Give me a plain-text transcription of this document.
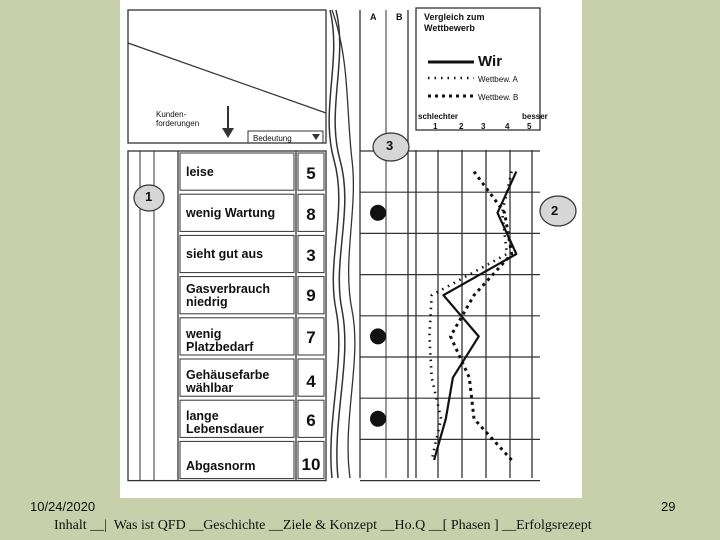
A B Vergleich zum
Wettbewerb
Wir
Wettbew. A
Wettbew. B
schlechter	besser
1	2 3 4 5
Kunden-
forderungen
Bedeutung
1
3
2
leise	5
wenig Wartung	8
sieht gut aus	3
Gasverbrauch
niedrig	9
wenig
Platzbedarf	7
Gehäusefarbe
wählbar	4
lange
Lebensdauer	6
Abgasnorm	10
10/24/2020	29
Inhalt __|  Was ist QFD __Geschichte __Ziele & Konzept __Ho.Q __[ Phasen ] __Erfolgsrezept
